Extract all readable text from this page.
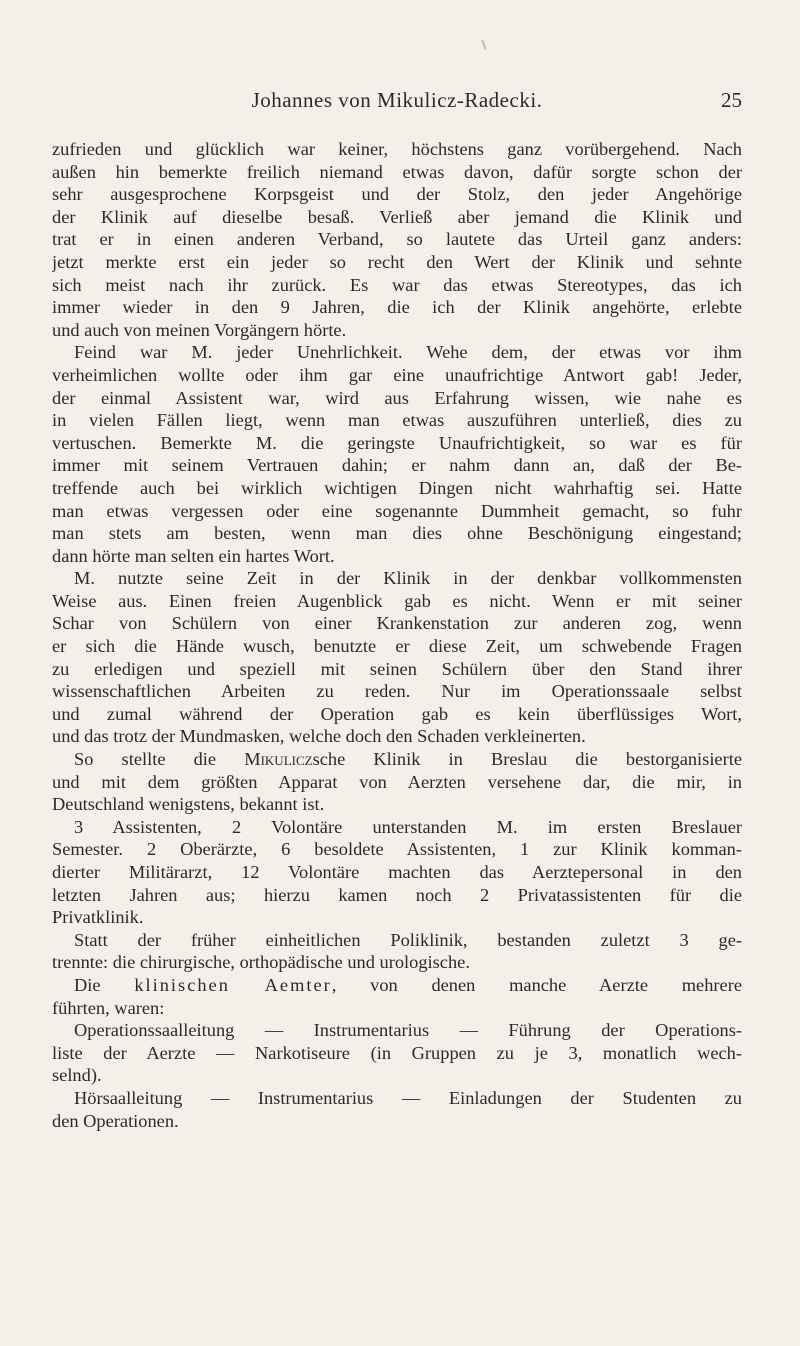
Johannes von Mikulicz-Radecki.	25
zufrieden und glücklich war keiner, höchstens ganz vorübergehend. Nach
außen hin bemerkte freilich niemand etwas davon, dafür sorgte schon der
sehr ausgesprochene Korpsgeist und der Stolz, den jeder Angehörige
der Klinik auf dieselbe besaß. Verließ aber jemand die Klinik und
trat er in einen anderen Verband, so lautete das Urteil ganz anders:
jetzt merkte erst ein jeder so recht den Wert der Klinik und sehnte
sich meist nach ihr zurück. Es war das etwas Stereotypes, das ich
immer wieder in den 9 Jahren, die ich der Klinik angehörte, erlebte
und auch von meinen Vorgängern hörte.
Feind war M. jeder Unehrlichkeit. Wehe dem, der etwas vor ihm
verheimlichen wollte oder ihm gar eine unaufrichtige Antwort gab! Jeder,
der einmal Assistent war, wird aus Erfahrung wissen, wie nahe es
in vielen Fällen liegt, wenn man etwas auszuführen unterließ, dies zu
vertuschen. Bemerkte M. die geringste Unaufrichtigkeit, so war es für
immer mit seinem Vertrauen dahin; er nahm dann an, daß der Be-
treffende auch bei wirklich wichtigen Dingen nicht wahrhaftig sei. Hatte
man etwas vergessen oder eine sogenannte Dummheit gemacht, so fuhr
man stets am besten, wenn man dies ohne Beschönigung eingestand;
dann hörte man selten ein hartes Wort.
M. nutzte seine Zeit in der Klinik in der denkbar vollkommensten
Weise aus. Einen freien Augenblick gab es nicht. Wenn er mit seiner
Schar von Schülern von einer Krankenstation zur anderen zog, wenn
er sich die Hände wusch, benutzte er diese Zeit, um schwebende Fragen
zu erledigen und speziell mit seinen Schülern über den Stand ihrer
wissenschaftlichen Arbeiten zu reden. Nur im Operationssaale selbst
und zumal während der Operation gab es kein überflüssiges Wort,
und das trotz der Mundmasken, welche doch den Schaden verkleinerten.
So stellte die Mikuliczsche Klinik in Breslau die bestorganisierte
und mit dem größten Apparat von Aerzten versehene dar, die mir, in
Deutschland wenigstens, bekannt ist.
3 Assistenten, 2 Volontäre unterstanden M. im ersten Breslauer
Semester. 2 Oberärzte, 6 besoldete Assistenten, 1 zur Klinik komman-
dierter Militärarzt, 12 Volontäre machten das Aerztepersonal in den
letzten Jahren aus; hierzu kamen noch 2 Privatassistenten für die
Privatklinik.
Statt der früher einheitlichen Poliklinik, bestanden zuletzt 3 ge-
trennte: die chirurgische, orthopädische und urologische.
Die klinischen Aemter, von denen manche Aerzte mehrere
führten, waren:
Operationssaalleitung — Instrumentarius — Führung der Operations-
liste der Aerzte — Narkotiseure (in Gruppen zu je 3, monatlich wech-
selnd).
Hörsaalleitung — Instrumentarius — Einladungen der Studenten zu
den Operationen.
